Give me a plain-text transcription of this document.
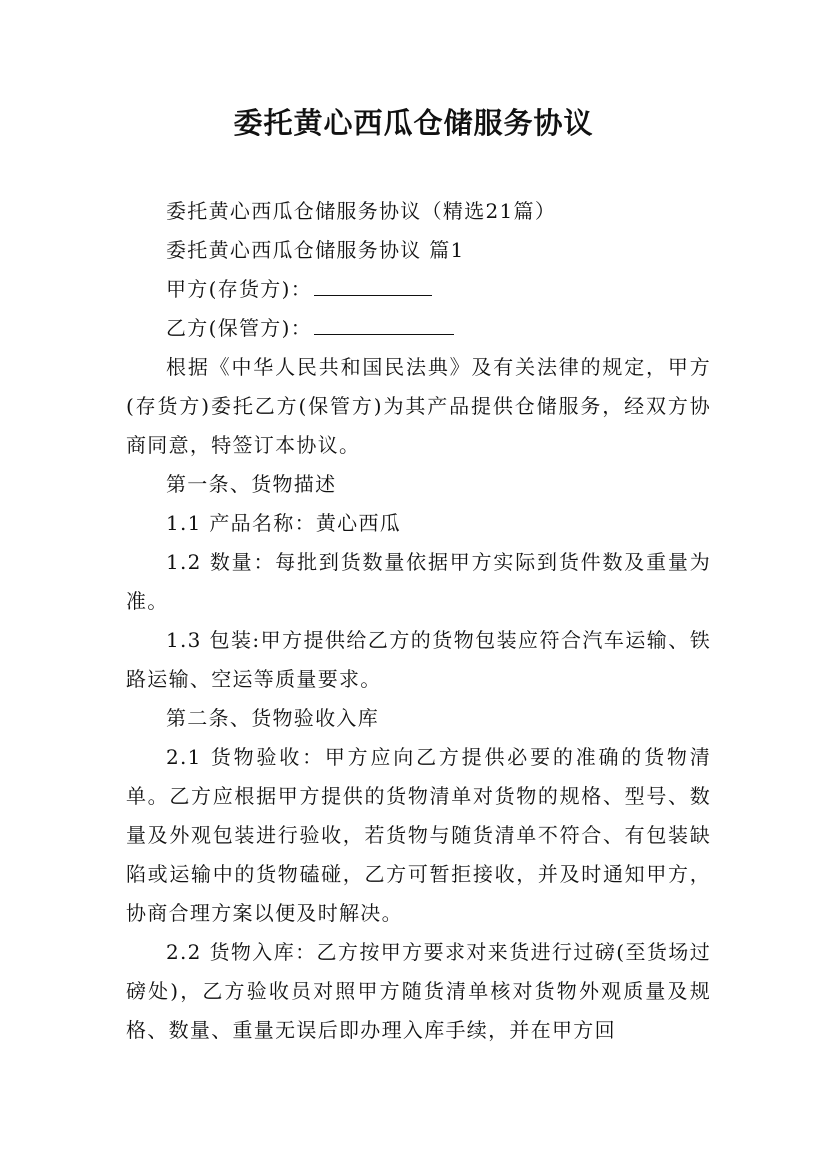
委托黄心西瓜仓储服务协议

委托黄心西瓜仓储服务协议（精选21篇）

委托黄心西瓜仓储服务协议 篇1

甲方(存货方)：

乙方(保管方)：

根据《中华人民共和国民法典》及有关法律的规定，甲方(存货方)委托乙方(保管方)为其产品提供仓储服务，经双方协商同意，特签订本协议。

第一条、货物描述

1.1 产品名称：黄心西瓜

1.2 数量：每批到货数量依据甲方实际到货件数及重量为准。

1.3 包装:甲方提供给乙方的货物包装应符合汽车运输、铁路运输、空运等质量要求。

第二条、货物验收入库

2.1 货物验收：甲方应向乙方提供必要的准确的货物清单。乙方应根据甲方提供的货物清单对货物的规格、型号、数量及外观包装进行验收，若货物与随货清单不符合、有包装缺陷或运输中的货物磕碰，乙方可暂拒接收，并及时通知甲方，协商合理方案以便及时解决。

2.2 货物入库：乙方按甲方要求对来货进行过磅(至货场过磅处)，乙方验收员对照甲方随货清单核对货物外观质量及规格、数量、重量无误后即办理入库手续，并在甲方回
